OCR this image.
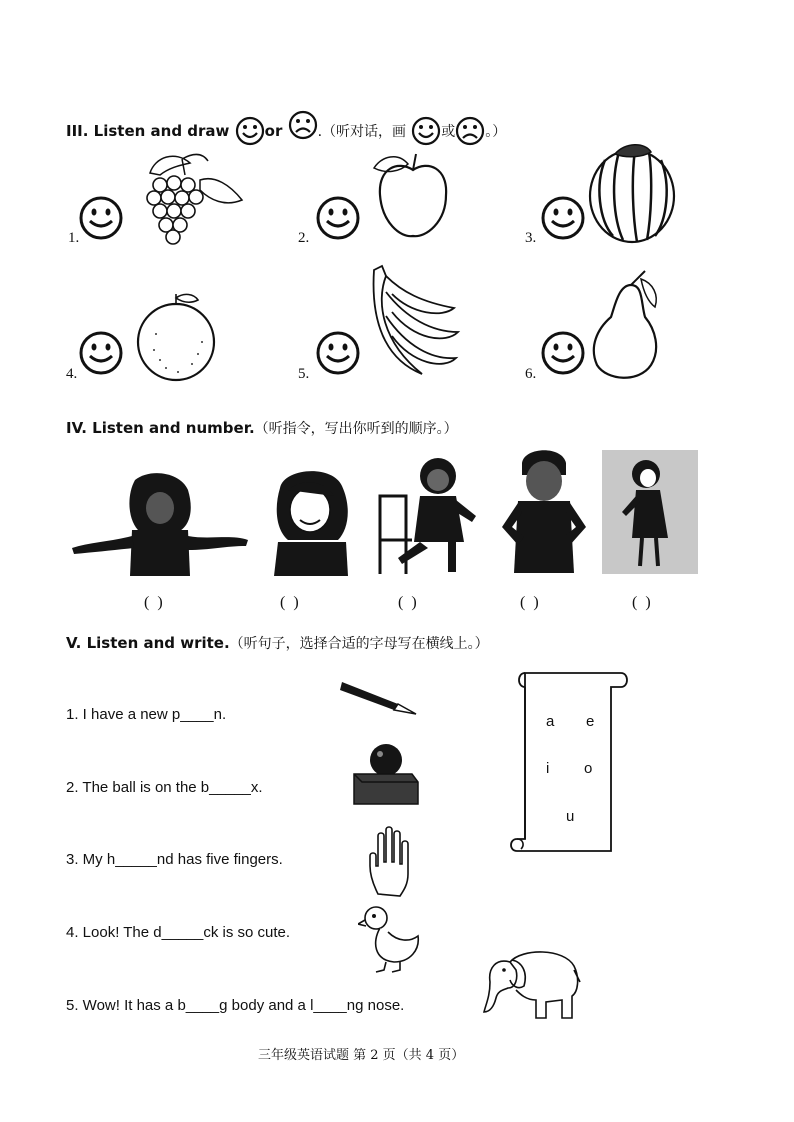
III. Listen and draw or	.（听对话，画	或 。）
1.	2.	3.
4.	5.	6.
IV. Listen and number.（听指令，写出你听到的顺序。）
( )	( )	( )	( )	( )
V. Listen and write.（听句子，选择合适的字母写在横线上。）
1. I have a new p____n.
2. The ball is on the b_____x.
3. My h_____nd has five fingers.
4. Look! The d_____ck is so cute.
5. Wow! It has a b____g body and a l____ng nose.
a e
i o
u
三年级英语试题 第 2 页（共 4 页）
